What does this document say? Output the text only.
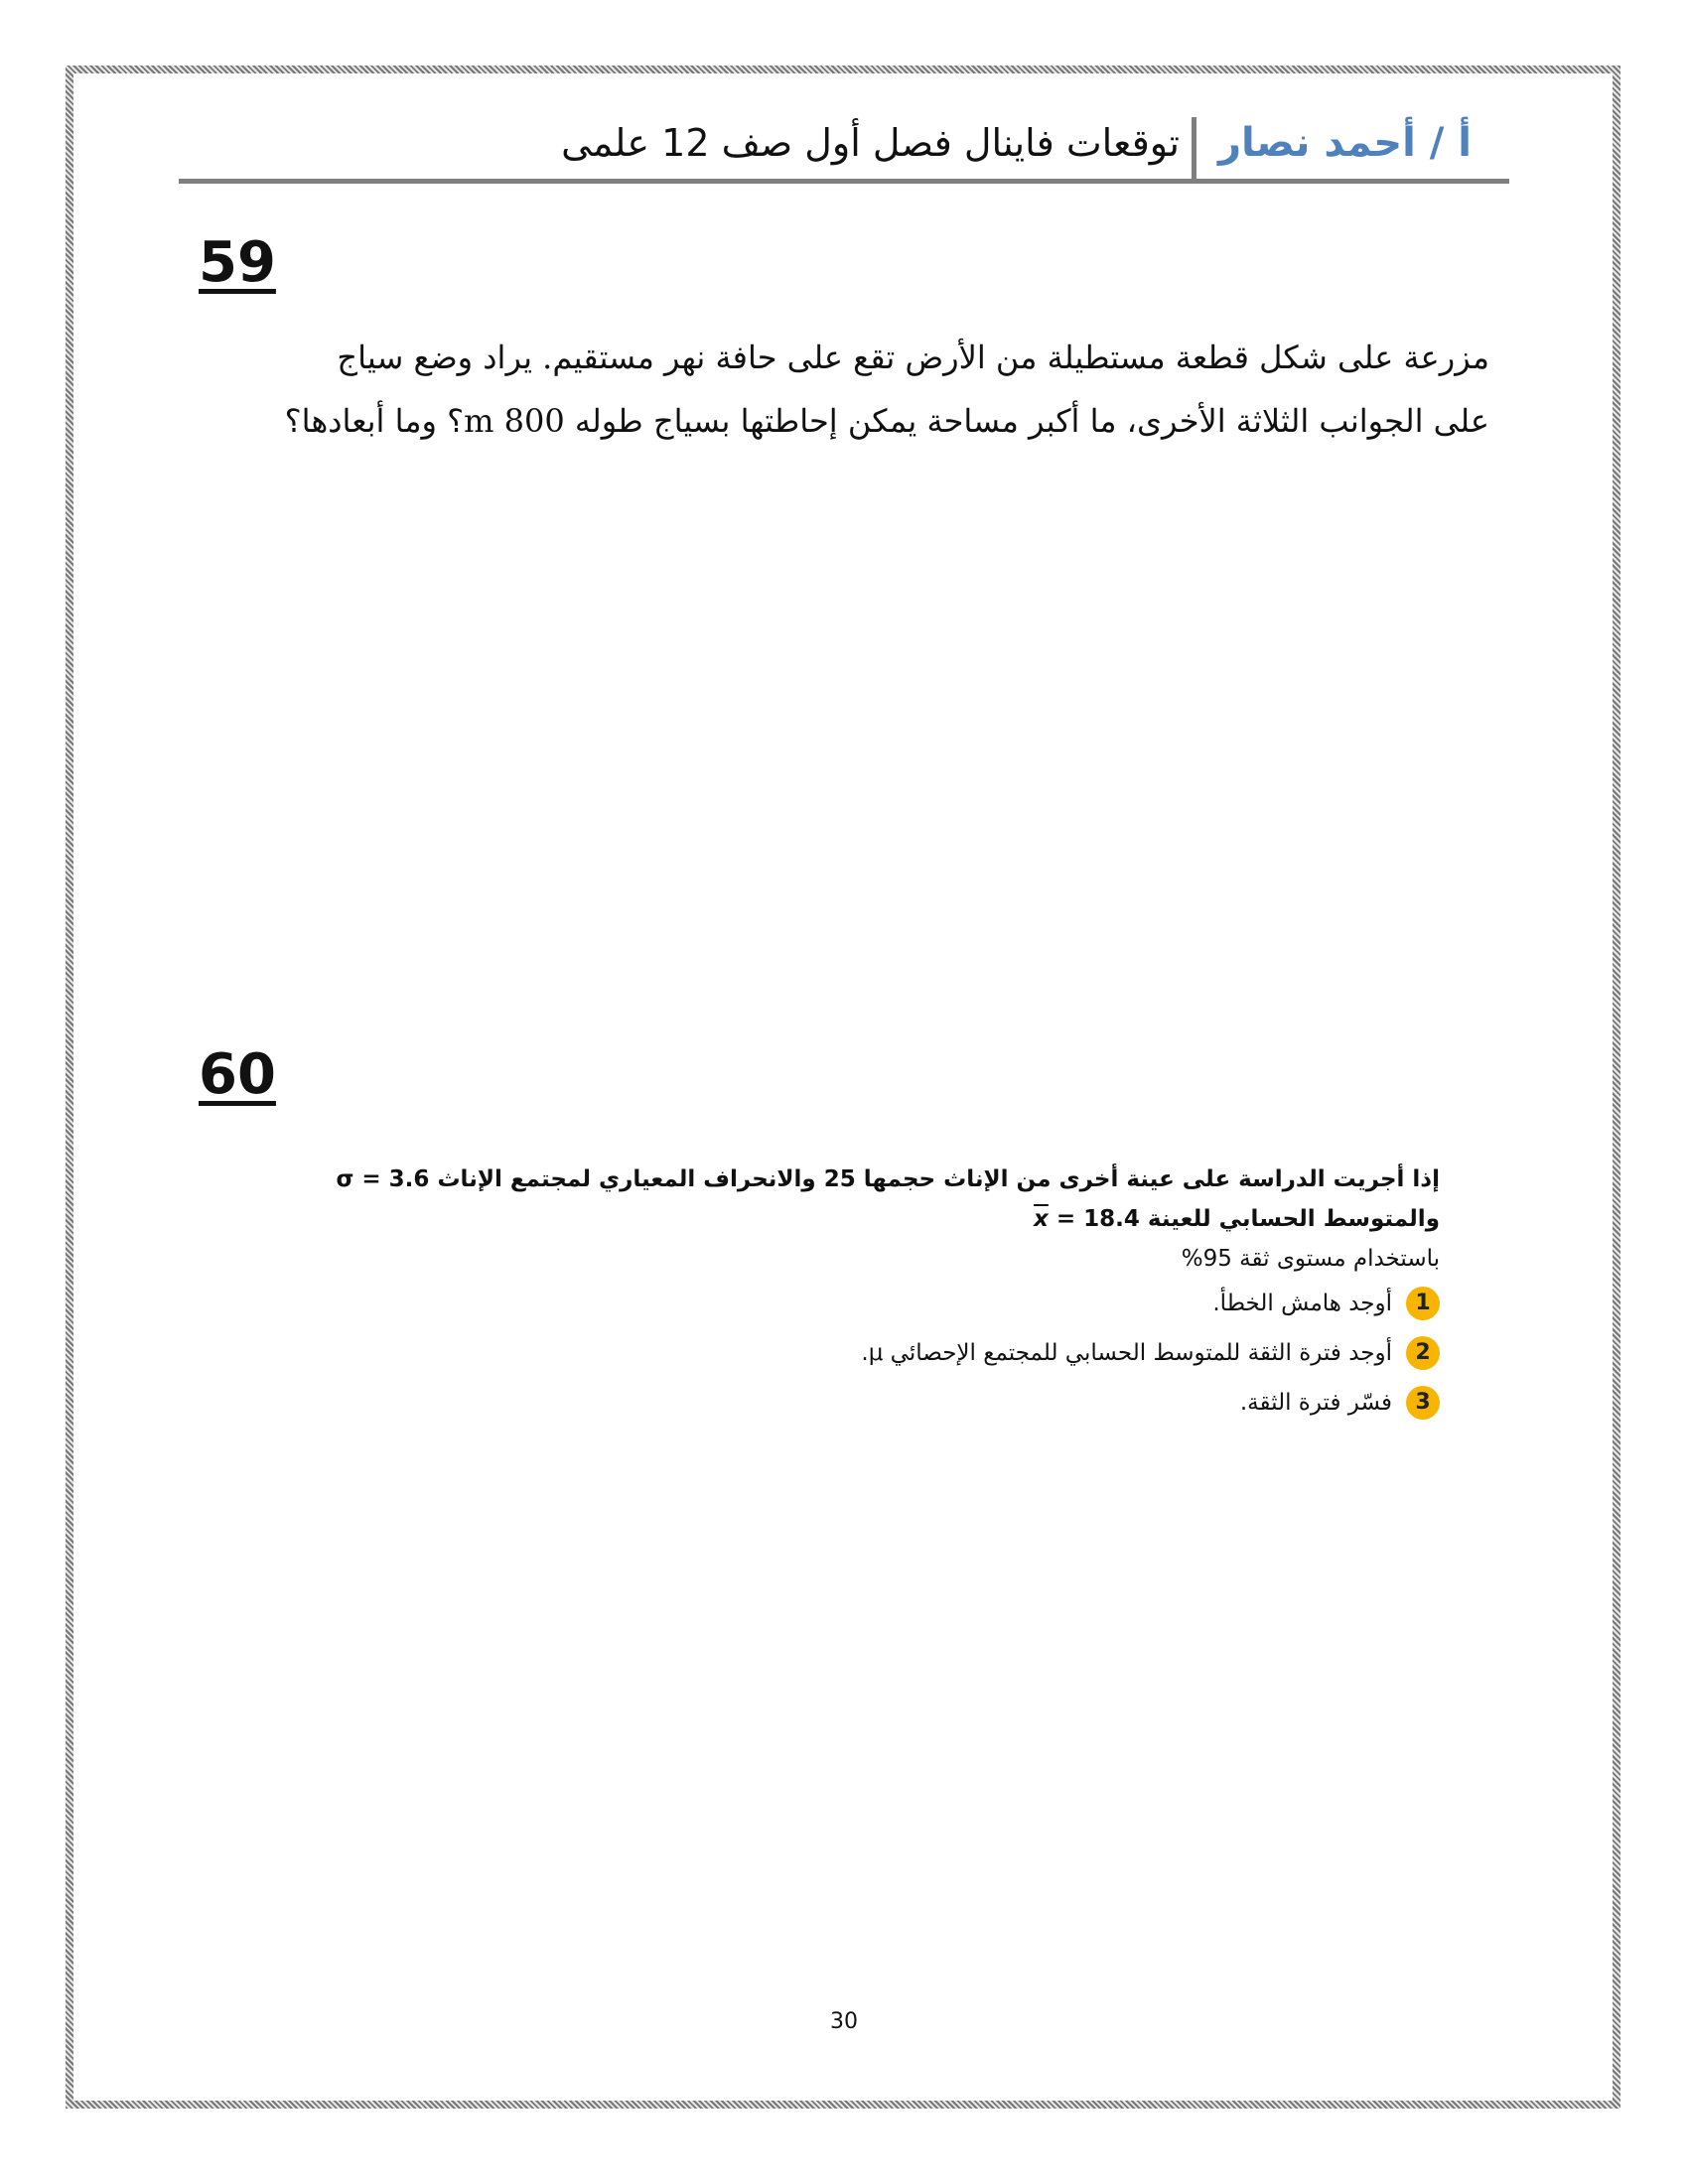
أ / أحمد نصار
توقعات فاينال فصل أول صف 12 علمى
59

مزرعة على شكل قطعة مستطيلة من الأرض تقع على حافة نهر مستقيم. يراد وضع سياج

على الجوانب الثلاثة الأخرى، ما أكبر مساحة يمكن إحاطتها بسياج طوله 800 m؟ وما أبعادها؟

60
إذا أجريت الدراسة على عينة أخرى من الإناث حجمها 25 والانحراف المعياري لمجتمع الإناث σ = 3.6
والمتوسط الحسابي للعينة $\overline{x} = 18.4$
باستخدام مستوى ثقة 95%
1
أوجد هامش الخطأ.
2
أوجد فترة الثقة للمتوسط الحسابي للمجتمع الإحصائي μ.
3
فسّر فترة الثقة.
30
